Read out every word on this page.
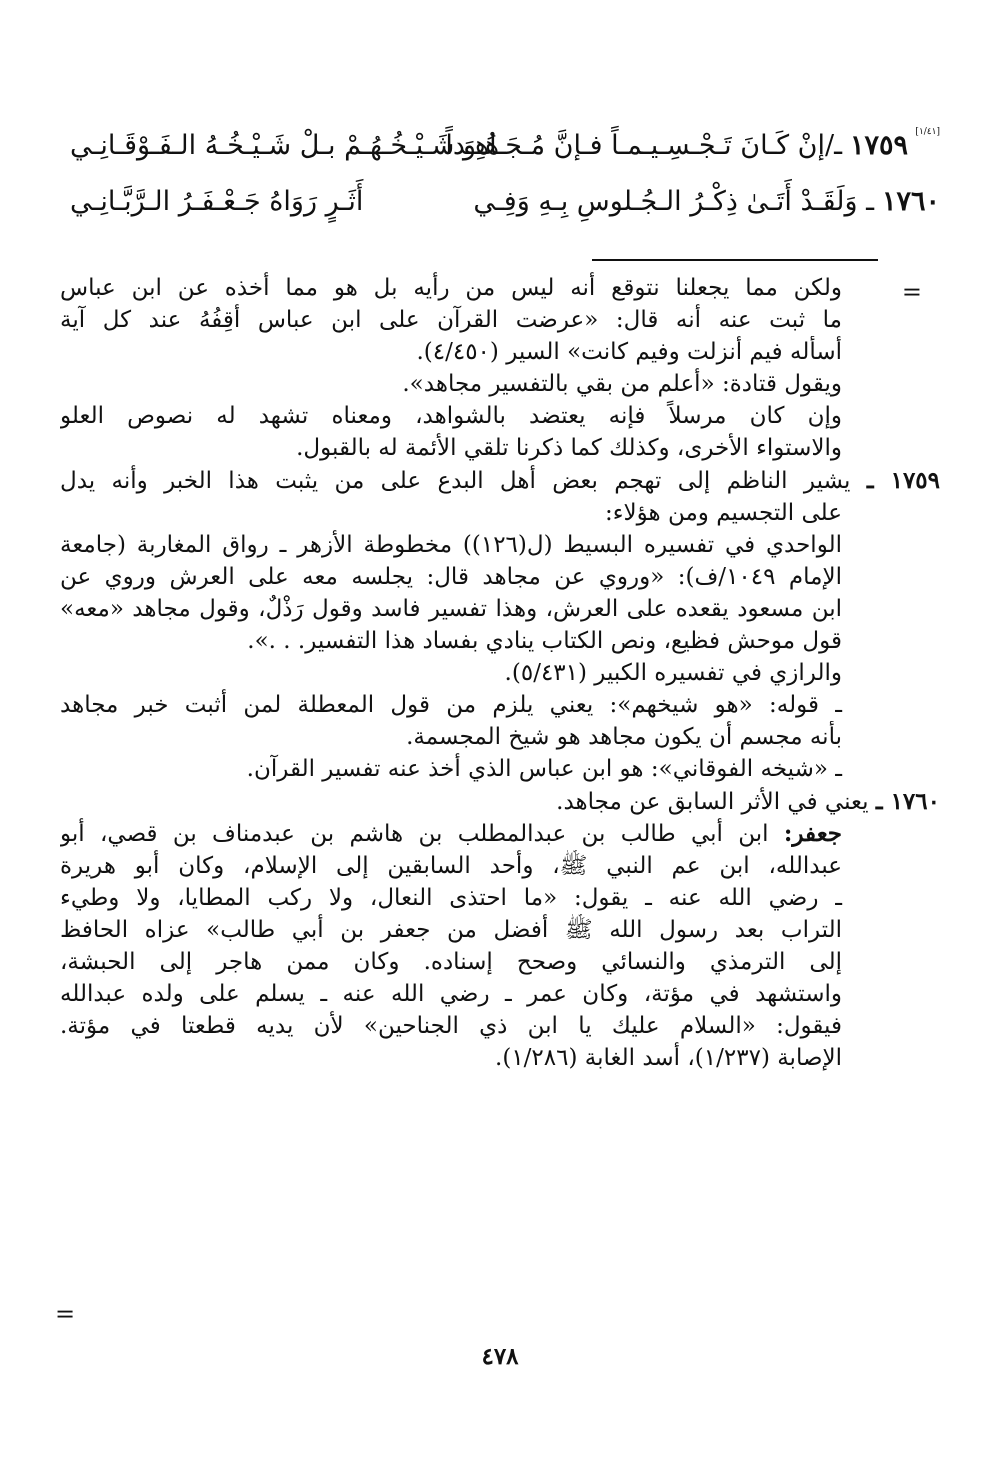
[١/٤١]
١٧٥٩
ـ/إنْ كَـانَ تَـجْـسِـيـمـاً فـإنَّ مُـجَـاهِـداً
هُـوَ شَـيْـخُـهُـمْ بـلْ شَـيْـخُـهُ الـفَـوْقَـانِـي
١٧٦٠
ـ وَلَقَـدْ أَتَـىٰ ذِكْـرُ الـجُـلوسِ بِـهِ وَفِـي
أَثَـرٍ رَوَاهُ جَـعْـفَـرُ الـرَّبَّـانِـي
=
ولكن مما يجعلنا نتوقع أنه ليس من رأيه بل هو مما أخذه عن ابن عباس
ما ثبت عنه أنه قال: «عرضت القرآن على ابن عباس أَقِفُهُ عند كل آية
أسأله فيم أنزلت وفيم كانت» السير (٤/٤٥٠).
ويقول قتادة: «أعلم من بقي بالتفسير مجاهد».
وإن كان مرسلاً فإنه يعتضد بالشواهد، ومعناه تشهد له نصوص العلو
والاستواء الأخرى، وكذلك كما ذكرنا تلقي الأئمة له بالقبول.
١٧٥٩ ـ يشير الناظم إلى تهجم بعض أهل البدع على من يثبت هذا الخبر وأنه يدل
على التجسيم ومن هؤلاء:
الواحدي في تفسيره البسيط (ل(١٢٦)) مخطوطة الأزهر ـ رواق المغاربة (جامعة
الإمام ١٠٤٩/ف): «وروي عن مجاهد قال: يجلسه معه على العرش وروي عن
ابن مسعود يقعده على العرش، وهذا تفسير فاسد وقول رَذْلٌ، وقول مجاهد «معه»
قول موحش فظيع، ونص الكتاب ينادي بفساد هذا التفسير. . .».
والرازي في تفسيره الكبير (٥/٤٣١).
ـ قوله: «هو شيخهم»: يعني يلزم من قول المعطلة لمن أثبت خبر مجاهد
بأنه مجسم أن يكون مجاهد هو شيخ المجسمة.
ـ «شيخه الفوقاني»: هو ابن عباس الذي أخذ عنه تفسير القرآن.
١٧٦٠ ـ يعني في الأثر السابق عن مجاهد.
جعفر: ابن أبي طالب بن عبدالمطلب بن هاشم بن عبدمناف بن قصي، أبو
عبدالله، ابن عم النبي ﷺ، وأحد السابقين إلى الإسلام، وكان أبو هريرة
ـ رضي الله عنه ـ يقول: «ما احتذى النعال، ولا ركب المطايا، ولا وطيء
التراب بعد رسول الله ﷺ أفضل من جعفر بن أبي طالب» عزاه الحافظ
إلى الترمذي والنسائي وصحح إسناده. وكان ممن هاجر إلى الحبشة،
واستشهد في مؤتة، وكان عمر ـ رضي الله عنه ـ يسلم على ولده عبدالله
فيقول: «السلام عليك يا ابن ذي الجناحين» لأن يديه قطعتا في مؤتة.
الإصابة (١/٢٣٧)، أسد الغابة (١/٢٨٦).
=
٤٧٨
